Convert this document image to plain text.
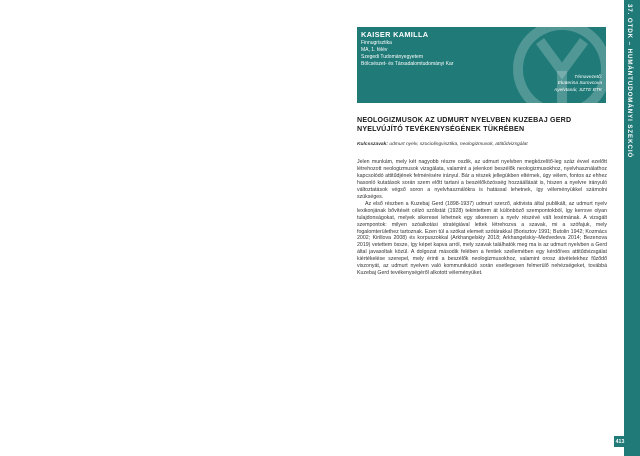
37. OTDK – HUMÁNTUDOMÁNYI SZEKCIÓ
KAISER KAMILLA
Finnugrisztika
MA, 1. félév
Szegedi Tudományegyetem
Bölcsészet- és Társadalomtudományi Kar
Témavezető:
Ekaterina Surovcova
nyelvtanár, SZTE BTK
NEOLOGIZMUSOK AZ UDMURT NYELVBEN KUZEBAJ GERD NYELVÚJÍTÓ TEVÉKENYSÉGÉNEK TÜKRÉBEN
Kulcsszavak: udmurt nyelv, szociolingvisztika, neologizmusok, attitűdvizsgálat

Jelen munkám, mely két nagyobb részre oszlik, az udmurt nyelvben megközelítő-leg száz évvel ezelőtt létrehozott neologizmusok vizsgálata, valamint a jelenkori beszélők neologizmusokhoz, nyelvhasználathoz kapcsolódó attitűdjének felmérésére irányul. Bár a részek jellegükben eltérnek, úgy vélem, fontos az ehhez hasonló kutatások során szem előtt tartani a beszélőközösség hozzáállását is, hiszen a nyelvre irányuló változtatások végső soron a nyelvhasználókra is hatással lehetnek, így véleményükkel számolni szükséges.

Az első részben a Kuzebaj Gerd (1898-1937) udmurt szerző, aktivista által publikált, az udmurt nyelv lexikonjának bővítését célzó szólistát (1928) tekintettem át különböző szempontokból, így kerrsve olyan tulajdonságokat, melyek sikeresei lehetnek egy sikeresen a nyelv részévé vált lexémának. A vizsgált szempontok: milyen szóalkotási stratégiával lettek létrehozva a szavak, mi a szófajuk, mely fogalomterülethez tartoznak. Ezen túl a szókat elemeit szótárakkal (Borisztov 1991; Butolin 1942; Kozmács 2002; Kirillova 2008) és korpuszokkal (Arkhangelskiy 2018; Arkhangelskiy–Medvedeva 2014; Bezenova 2019) vetettem össze, így képet kapva arról, mely szavak találhatók meg ma is az udmurt nyelvben a Gerd által javasoltak közül. A dolgozat második felében a fentiek szellemében egy kérdőíves attitűdvizsgálat kiértékelése szerepel, mely érinti a beszélők neologizmusokhoz, valamint orosz átvételekhez fűződő viszonyát, az udmurt nyelven való kommunikáció során esetlegesen felmerülő nehézségeket, továbbá Kuzebaj Gerd tevékenységéről alkotott véleményüket.

413
